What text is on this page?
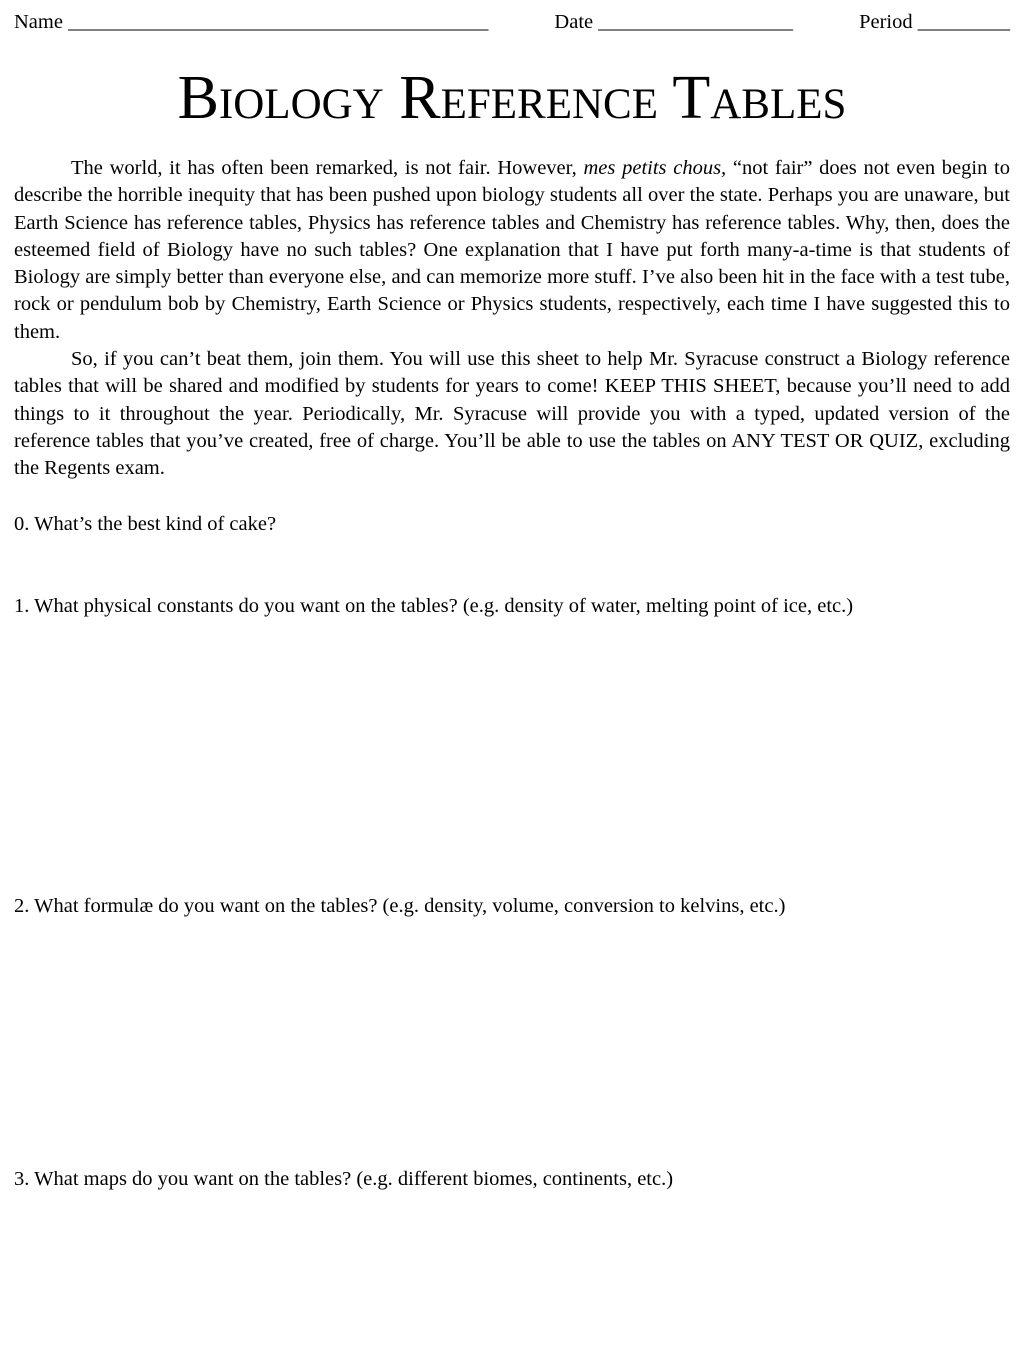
Name _________________________________________	Date ___________________	Period _________
Biology Reference Tables

The world, it has often been remarked, is not fair. However, mes petits chous, “not fair” does not even begin to describe the horrible inequity that has been pushed upon biology students all over the state. Perhaps you are unaware, but Earth Science has reference tables, Physics has reference tables and Chemistry has reference tables. Why, then, does the esteemed field of Biology have no such tables? One explanation that I have put forth many-a-time is that students of Biology are simply better than everyone else, and can memorize more stuff. I’ve also been hit in the face with a test tube, rock or pendulum bob by Chemistry, Earth Science or Physics students, respectively, each time I have suggested this to them.

So, if you can’t beat them, join them. You will use this sheet to help Mr. Syracuse construct a Biology reference tables that will be shared and modified by students for years to come! KEEP THIS SHEET, because you’ll need to add things to it throughout the year. Periodically, Mr. Syracuse will provide you with a typed, updated version of the reference tables that you’ve created, free of charge. You’ll be able to use the tables on ANY TEST OR QUIZ, excluding the Regents exam.

0. What’s the best kind of cake?
1. What physical constants do you want on the tables? (e.g. density of water, melting point of ice, etc.)
2. What formulæ do you want on the tables? (e.g. density, volume, conversion to kelvins, etc.)
3. What maps do you want on the tables? (e.g. different biomes, continents, etc.)
